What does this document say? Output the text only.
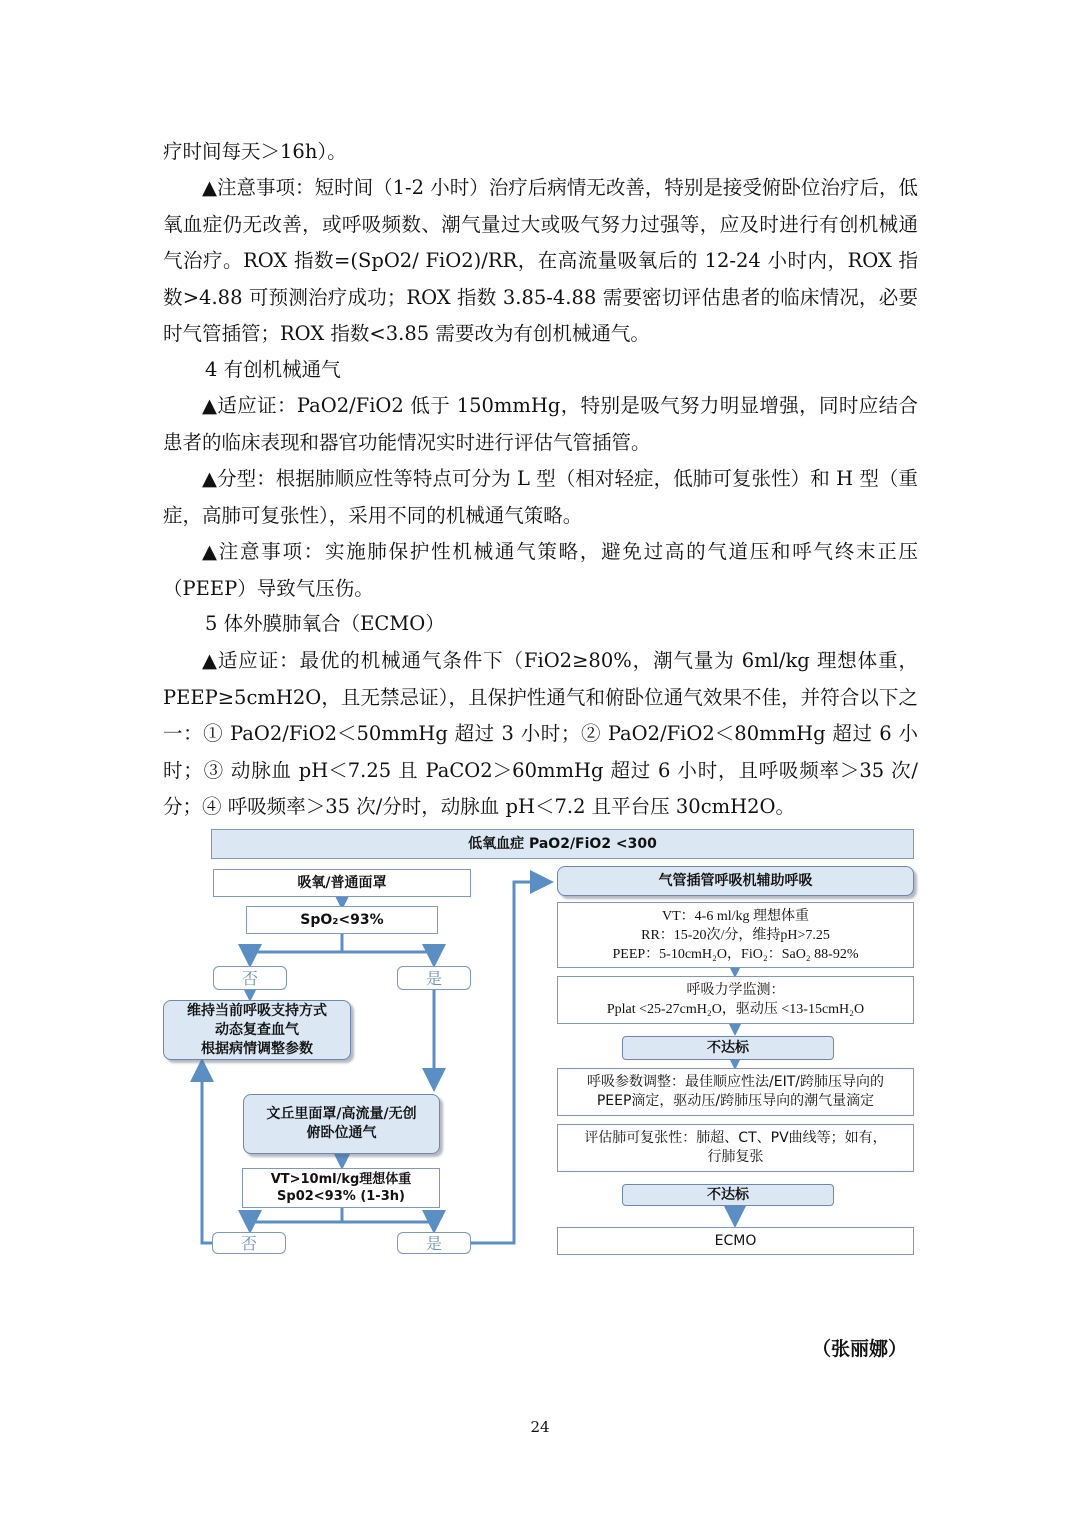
疗时间每天＞16h）。

▲注意事项：短时间（1-2 小时）治疗后病情无改善，特别是接受俯卧位治疗后，低氧血症仍无改善，或呼吸频数、潮气量过大或吸气努力过强等，应及时进行有创机械通气治疗。ROX 指数=(SpO2/ FiO2)/RR，在高流量吸氧后的 12-24 小时内，ROX 指数>4.88 可预测治疗成功；ROX 指数 3.85-4.88 需要密切评估患者的临床情况，必要时气管插管；ROX 指数<3.85 需要改为有创机械通气。

4 有创机械通气

▲适应证：PaO2/FiO2 低于 150mmHg，特别是吸气努力明显增强，同时应结合患者的临床表现和器官功能情况实时进行评估气管插管。

▲分型：根据肺顺应性等特点可分为 L 型（相对轻症，低肺可复张性）和 H 型（重症，高肺可复张性），采用不同的机械通气策略。

▲注意事项：实施肺保护性机械通气策略，避免过高的气道压和呼气终末正压（PEEP）导致气压伤。

5 体外膜肺氧合（ECMO）

▲适应证：最优的机械通气条件下（FiO2≥80%，潮气量为 6ml/kg 理想体重，PEEP≥5cmH2O，且无禁忌证），且保护性通气和俯卧位通气效果不佳，并符合以下之一：① PaO2/FiO2＜50mmHg 超过 3 小时；② PaO2/FiO2＜80mmHg 超过 6 小时；③ 动脉血 pH＜7.25 且 PaCO2＞60mmHg 超过 6 小时，且呼吸频率＞35 次/分；④ 呼吸频率＞35 次/分时，动脉血 pH＜7.2 且平台压 30cmH2O。

低氧血症 PaO2/FiO2 <300
吸氧/普通面罩
SpO₂<93%
否	是
维持当前呼吸支持方式
动态复查血气
根据病情调整参数
文丘里面罩/高流量/无创
俯卧位通气
VT>10ml/kg理想体重
Sp02<93% (1-3h)
否	是
气管插管呼吸机辅助呼吸
VT：4-6 ml/kg 理想体重
RR：15-20次/分，维持pH>7.25
PEEP：5-10cmH₂O，FiO₂：SaO₂ 88-92%
呼吸力学监测：
Pplat <25-27cmH₂O，驱动压 <13-15cmH₂O
不达标
呼吸参数调整：最佳顺应性法/EIT/跨肺压导向的
PEEP滴定，驱动压/跨肺压导向的潮气量滴定
评估肺可复张性：肺超、CT、PV曲线等；如有，
行肺复张
不达标
ECMO
（张丽娜）
24
